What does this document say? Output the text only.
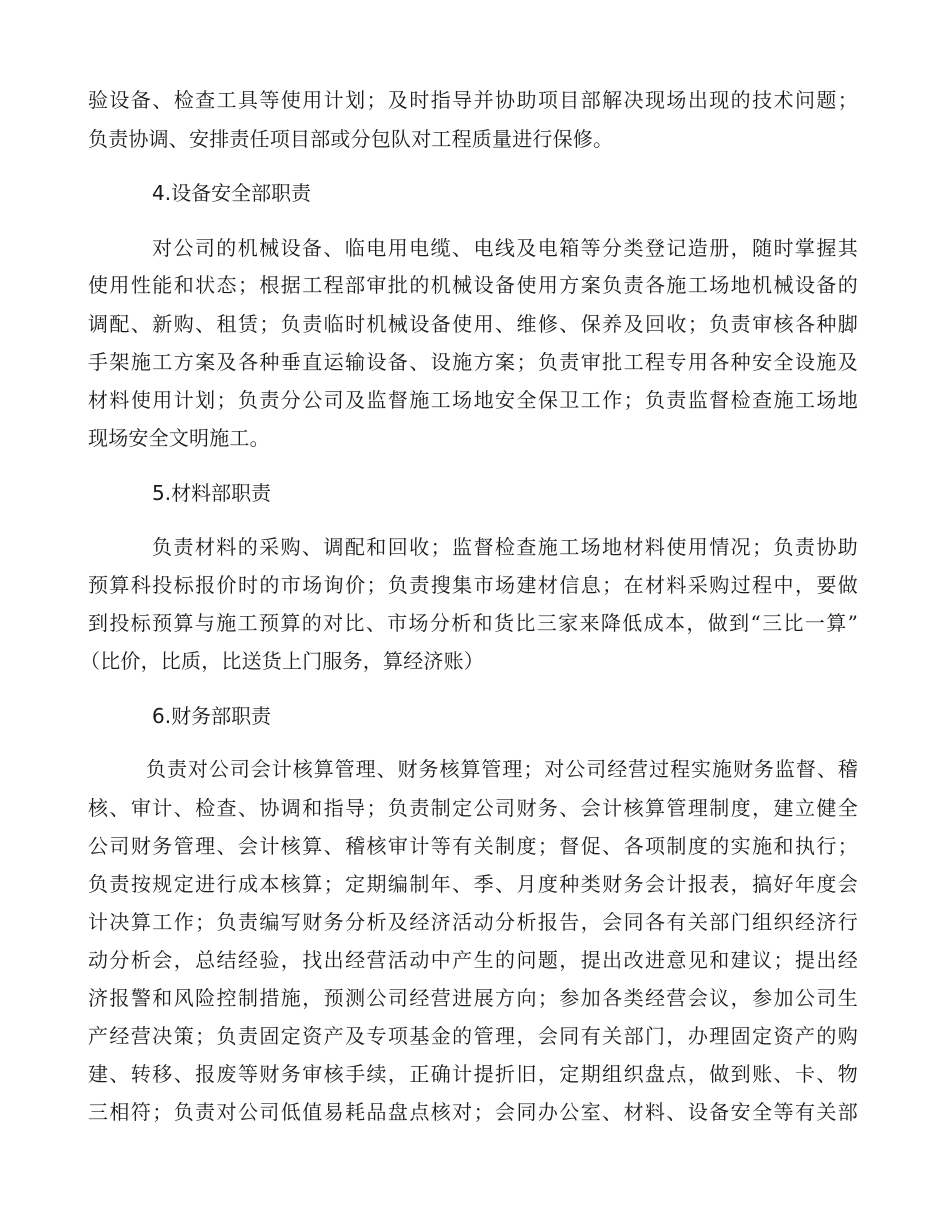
验设备、检查工具等使用计划；及时指导并协助项目部解决现场出现的技术问题；
负责协调、安排责任项目部或分包队对工程质量进行保修。
4.设备安全部职责
对公司的机械设备、临电用电缆、电线及电箱等分类登记造册，随时掌握其
使用性能和状态；根据工程部审批的机械设备使用方案负责各施工场地机械设备的
调配、新购、租赁；负责临时机械设备使用、维修、保养及回收；负责审核各种脚
手架施工方案及各种垂直运输设备、设施方案；负责审批工程专用各种安全设施及
材料使用计划；负责分公司及监督施工场地安全保卫工作；负责监督检查施工场地
现场安全文明施工。
5.材料部职责
负责材料的采购、调配和回收；监督检查施工场地材料使用情况；负责协助
预算科投标报价时的市场询价；负责搜集市场建材信息；在材料采购过程中，要做
到投标预算与施工预算的对比、市场分析和货比三家来降低成本，做到“三比一算”
（比价，比质，比送货上门服务，算经济账）
6.财务部职责
负责对公司会计核算管理、财务核算管理；对公司经营过程实施财务监督、稽
核、审计、检查、协调和指导；负责制定公司财务、会计核算管理制度，建立健全
公司财务管理、会计核算、稽核审计等有关制度；督促、各项制度的实施和执行；
负责按规定进行成本核算；定期编制年、季、月度种类财务会计报表，搞好年度会
计决算工作；负责编写财务分析及经济活动分析报告，会同各有关部门组织经济行
动分析会，总结经验，找出经营活动中产生的问题，提出改进意见和建议；提出经
济报警和风险控制措施，预测公司经营进展方向；参加各类经营会议，参加公司生
产经营决策；负责固定资产及专项基金的管理，会同有关部门，办理固定资产的购
建、转移、报废等财务审核手续，正确计提折旧，定期组织盘点，做到账、卡、物
三相符；负责对公司低值易耗品盘点核对；会同办公室、材料、设备安全等有关部
